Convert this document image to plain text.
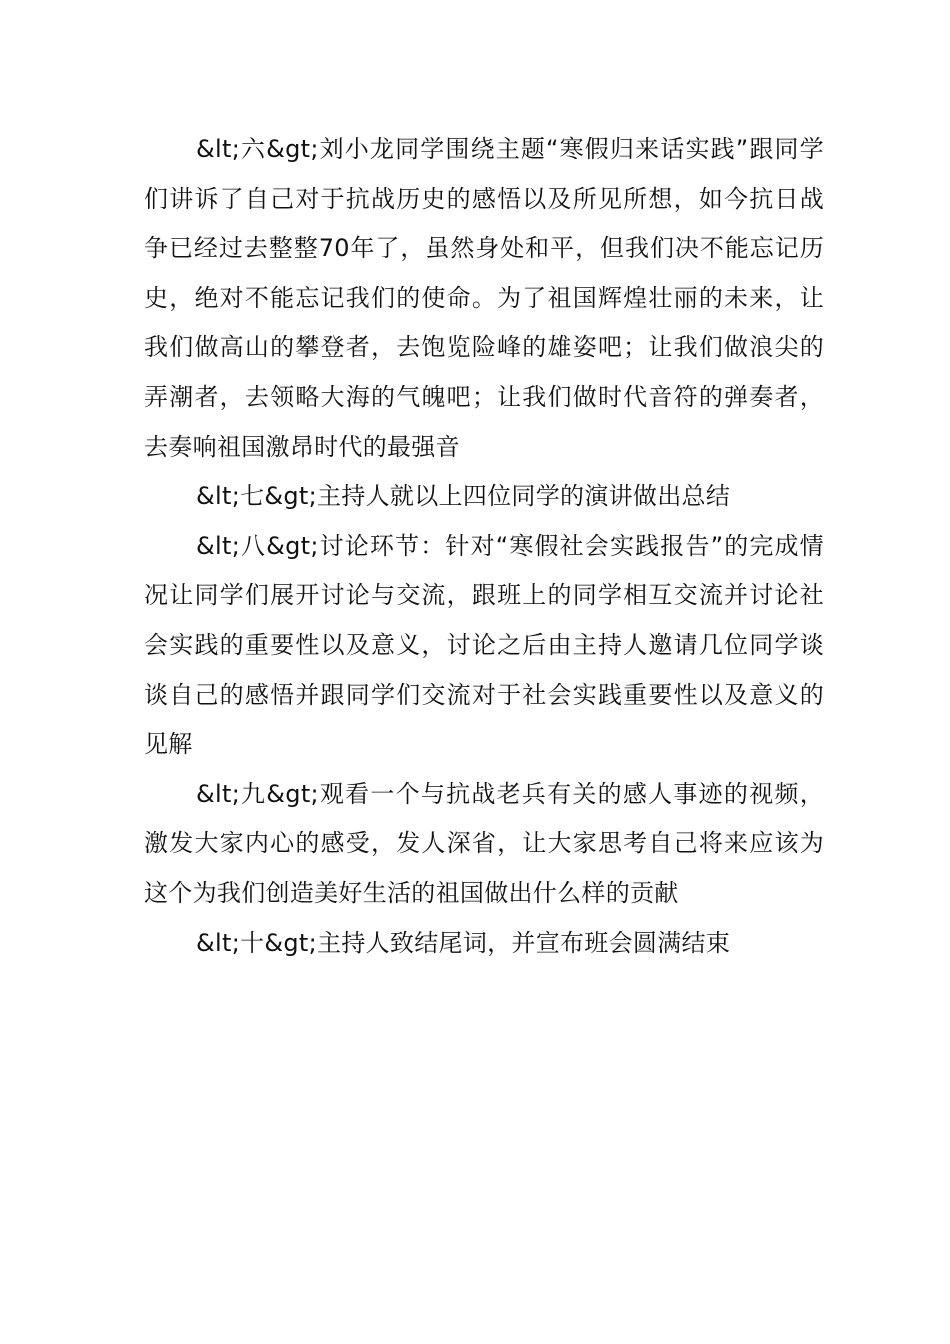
&lt;六&gt;刘小龙同学围绕主题“寒假归来话实践”跟同学们讲诉了自己对于抗战历史的感悟以及所见所想，如今抗日战争已经过去整整70年了，虽然身处和平，但我们决不能忘记历史，绝对不能忘记我们的使命。为了祖国辉煌壮丽的未来，让我们做高山的攀登者，去饱览险峰的雄姿吧；让我们做浪尖的弄潮者，去领略大海的气魄吧；让我们做时代音符的弹奏者，去奏响祖国激昂时代的最强音

&lt;七&gt;主持人就以上四位同学的演讲做出总结

&lt;八&gt;讨论环节：针对“寒假社会实践报告”的完成情况让同学们展开讨论与交流，跟班上的同学相互交流并讨论社会实践的重要性以及意义，讨论之后由主持人邀请几位同学谈谈自己的感悟并跟同学们交流对于社会实践重要性以及意义的见解

&lt;九&gt;观看一个与抗战老兵有关的感人事迹的视频，激发大家内心的感受，发人深省，让大家思考自己将来应该为这个为我们创造美好生活的祖国做出什么样的贡献

&lt;十&gt;主持人致结尾词，并宣布班会圆满结束
